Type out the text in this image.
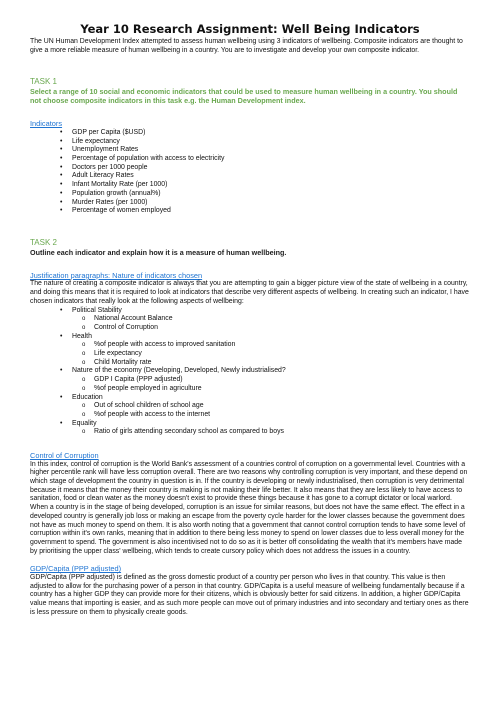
Year 10 Research Assignment: Well Being Indicators

The UN Human Development Index attempted to assess human wellbeing using 3 indicators of wellbeing. Composite indicators are thought to give a more reliable measure of human wellbeing in a country. You are to investigate and develop your own composite indicator.

TASK 1

Select a range of 10 social and economic indicators that could be used to measure human wellbeing in a country. You should not choose composite indicators in this task e.g. the Human Development index.

Indicators

• GDP per Capita ($USD)
• Life expectancy
• Unemployment Rates
• Percentage of population with access to electricity
• Doctors per 1000 people
• Adult Literacy Rates
• Infant Mortality Rate (per 1000)
• Population growth (annual%)
• Murder Rates (per 1000)
• Percentage of women employed

TASK 2

Outline each indicator and explain how it is a measure of human wellbeing.

Justification paragraphs: Nature of indicators chosen

The nature of creating a composite indicator is always that you are attempting to gain a bigger picture view of the state of wellbeing in a country, and doing this means that it is required to look at indicators that describe very different aspects of wellbeing. In creating such an indicator, I have chosen indicators that really look at the following aspects of wellbeing:

• Political Stability
o National Account Balance
o Control of Corruption
• Health
o %of people with access to improved sanitation
o Life expectancy
o Child Mortality rate
• Nature of the economy (Developing, Developed, Newly industrialised?
o GDP I Capita (PPP adjusted)
o %of people employed in agriculture
• Education
o Out of school children of school age
o %of people with access to the internet
• Equality
o Ratio of girls attending secondary school as compared to boys

Control of Corruption

In this index, control of corruption is the World Bank's assessment of a countries control of corruption on a governmental level. Countries with a higher percentile rank will have less corruption overall. There are two reasons why controlling corruption is very important, and these depend on which stage of development the country in question is in. If the country is developing or newly industrialised, then corruption is very detrimental because it means that the money their country is making is not making their life better. It also means that they are less likely to have access to sanitation, food or clean water as the money doesn't exist to provide these things because it has gone to a corrupt dictator or local warlord. When a country is in the stage of being developed, corruption is an issue for similar reasons, but does not have the same effect. The effect in a developed country is generally job loss or making an escape from the poverty cycle harder for the lower classes because the government does not have as much money to spend on them. It is also worth noting that a government that cannot control corruption tends to have some level of corruption within it's own ranks, meaning that in addition to there being less money to spend on lower classes due to less overall money for the government to spend. The government is also incentivised not to do so as it is better off consolidating the wealth that it's members have made by prioritising the upper class' wellbeing, which tends to create cursory policy which does not address the issues in a country.

GDP/Capita (PPP adjusted)

GDP/Capita (PPP adjusted) is defined as the gross domestic product of a country per person who lives in that country. This value is then adjusted to allow for the purchasing power of a person in that country. GDP/Capita is a useful measure of wellbeing fundamentally because if a country has a higher GDP they can provide more for their citizens, which is obviously better for said citizens. In addition, a higher GDP/Capita value means that importing is easier, and as such more people can move out of primary industries and into secondary and tertiary ones as there is less pressure on them to physically create goods.
